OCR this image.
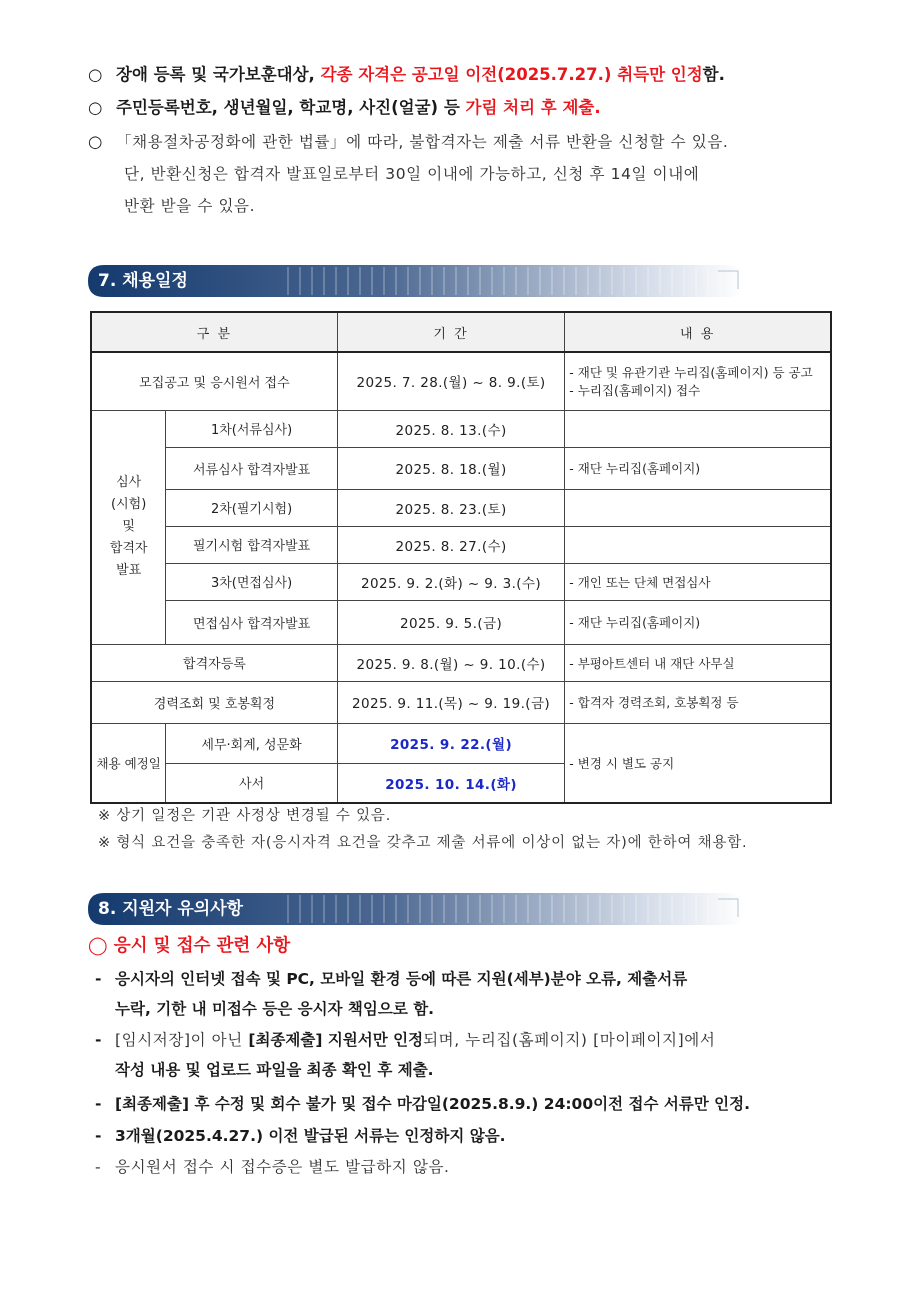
○ 장애 등록 및 국가보훈대상, 각종 자격은 공고일 이전(2025.7.27.) 취득만 인정함.
○ 주민등록번호, 생년월일, 학교명, 사진(얼굴) 등 가림 처리 후 제출.
○ 「채용절차공정화에 관한 법률」에 따라, 불합격자는 제출 서류 반환을 신청할 수 있음.
단, 반환신청은 합격자 발표일로부터 30일 이내에 가능하고, 신청 후 14일 이내에
반환 받을 수 있음.
7. 채용일정
구 분		기 간	내 용
모집공고 및 응시원서 접수		2025. 7. 28.(월) ~ 8. 9.(토)	- 재단 및 유관기관 누리집(홈페이지) 등 공고
- 누리집(홈페이지) 접수

심사
(시험)
및
합격자
발표	1차(서류심사)	2025. 8. 13.(수)	
	서류심사 합격자발표	2025. 8. 18.(월)	- 재단 누리집(홈페이지)
	2차(필기시험)	2025. 8. 23.(토)	
	필기시험 합격자발표	2025. 8. 27.(수)	
	3차(면접심사)	2025. 9. 2.(화) ~ 9. 3.(수)	- 개인 또는 단체 면접심사
	면접심사 합격자발표	2025. 9. 5.(금)	- 재단 누리집(홈페이지)
합격자등록		2025. 9. 8.(월) ~ 9. 10.(수)	- 부평아트센터 내 재단 사무실
경력조회 및 호봉획정		2025. 9. 11.(목) ~ 9. 19.(금)	- 합격자 경력조회, 호봉획정 등
채용 예정일	세무·회계, 성문화	2025. 9. 22.(월)	- 변경 시 별도 공지
	사서	2025. 10. 14.(화)	
※ 상기 일정은 기관 사정상 변경될 수 있음.
※ 형식 요건을 충족한 자(응시자격 요건을 갖추고 제출 서류에 이상이 없는 자)에 한하여 채용함.
8. 지원자 유의사항
◯ 응시 및 접수 관련 사항
- 응시자의 인터넷 접속 및 PC, 모바일 환경 등에 따른 지원(세부)분야 오류, 제출서류
누락, 기한 내 미접수 등은 응시자 책임으로 함.
- [임시저장]이 아닌 [최종제출] 지원서만 인정되며, 누리집(홈페이지) [마이페이지]에서
작성 내용 및 업로드 파일을 최종 확인 후 제출.
- [최종제출] 후 수정 및 회수 불가 및 접수 마감일(2025.8.9.) 24:00이전 접수 서류만 인정.
- 3개월(2025.4.27.) 이전 발급된 서류는 인정하지 않음.
- 응시원서 접수 시 접수증은 별도 발급하지 않음.
